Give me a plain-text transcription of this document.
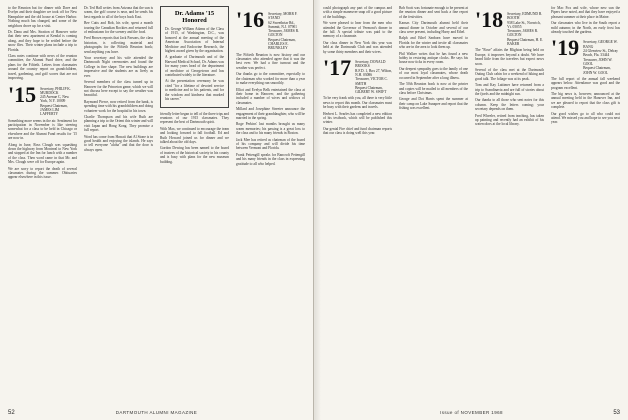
to the Reunion but for dinner with Dave and Evelyn and their daughter we took off for New Hampshire and the old house at Center Harbor. Nothing much has changed, and some of the neighbors drove up for a visit.

Dr. Dana and Mrs. Stratton of Hanover write that their new apartment at Kendal is coming along, and they hope to be settled before the snow flies. Their winter plans include a trip to Florida.

Class notes continue with news of the reunion committee, the Alumni Fund drive, and the plans for the Fiftieth. Letters from classmates around the country report on grandchildren, travel, gardening, and golf scores that are not improving.

'15 Secretary, PHILIP K. MURDOCK
245 Avenue C, New York, N.Y. 10009
Bequest Chairman, JAMES LIM LAFFERTY

Something more seems in the air. Sentiment for participation in November is like steering somewhat for a class to be held in Chicago or elsewhere and the Alumni Fund results for '15 are now in.

Along in June, Ross Clough was squashing down the highway from Montreal to New York and stopped at the Inn for lunch with a number of the class. Then word came in that Mr. and Mrs. Clough were off for Europe again.

We are sorry to report the death of several classmates during the summer. Obituaries appear elsewhere in this issue.

Dr. Ted Hall writes from Arizona that the sun is warm, the golf course is near, and he sends his best regards to all of the boys back East.

Bee Cutts and Bob, his wife, spent a month touring the Canadian Rockies and returned full of enthusiasm for the scenery and the food.

Fred Brown reports that Jack Parsons, the class historian, is collecting material and photographs for the Fiftieth Reunion book; send anything you have.

Your secretary and his wife attended the Dartmouth Night ceremonies and found the College in fine shape. The new buildings are impressive and the students are as lively as ever.

Several members of the class turned up in Hanover for the Princeton game, which we will not discuss here except to say the weather was beautiful.

Raymond Pierce, now retired from the bank, is spending time with his grandchildren and doing volunteer work for the hospital in his town.

Charlie Thompson and his wife Ruth are planning a trip to the Orient this winter and will visit Japan and Hong Kong. They promise a full report.

Word has come from Hawaii that Al Stone is in good health and enjoying the islands. He says to tell everyone "aloha" and that the door is always open.

Dr. Adams '15 Honored

Dr. George William Adams of the Class of 1915, of Washington, D.C., was honored at the annual meeting of the American Association of Internal Medicine and Endocrine Research, the highest award given by the organization.

A graduate of Dartmouth and of the Harvard Medical School, Dr. Adams was for many years head of the department of medicine at Georgetown and has contributed widely to the literature.

At the presentation ceremony he was cited "for a lifetime of devoted service to medicine and to his patients, and for the wisdom and kindness that marked his career."

friendly letter began to tell of the three trips and reunions of our 1915 classmates. They represent the best of Dartmouth spirit.

With Max, we continued to encourage the team and looking forward to fall football. Ed and Ruth Howard joined us for dinner and we talked about the old days.

Gordon Dewing has been named to the board of trustees of the historical society in his county and is busy with plans for the new museum building.

'16 Secretary, MORR F. STAND
62 Sweetbriar Rd., Summit, N.J. 07901
Treasurer, JAMES R. GOLTON
Bequest Chairman, CHARLES E. BRUNKLEY

The Fiftieth Reunion is now history and our classmates who attended agree that it was the best ever. We had a fine turnout and the weather was perfect.

Our thanks go to the committee, especially to the chairman who worked for more than a year to make everything run smoothly.

Elliot and Evelyn Belk entertained the class at their home in Hanover, and the gathering included a number of wives and widows of classmates.

Millard and Josephine Streeter announce the engagement of their granddaughter, who will be married in the spring.

Roge Perkins' last months brought us many warm memories; his passing is a great loss to the class and to his many friends in Boston.

Jack Mee has retired as chairman of the board of his company and will divide his time between Vermont and Florida.

Frank Pettengill speaks for Bancroft Pettengill and his many friends in the class in expressing gratitude to all who helped.

DARTMOUTH ALUMNI MAGAZINE
52

could photograph any part of the campus and with a simple maneuver snap off a good picture of the buildings.

We were pleased to hear from the men who attended the Governor of Vermont's dinner in the fall. A special tribute was paid to the memory of a classmate.

Our class dinner in New York this year was held at the Dartmouth Club and was attended by some thirty members and their wives.

'17 Secretary, DONALD BROOKS
R.F.D. 1, Box 27, Wilton, N.H. 03086
Treasurer, VICTOR C. SMITH
Bequest Chairman, GILBERT W. SWIFT

To be very frank with you, all there is very little news to report this month. Our classmates must be busy with their gardens and travels.

Herbert L. Searles has completed a new edition of his textbook, which will be published this winter.

Our genial Fire chief and fund chairman reports that our class is doing well this year.

Bob Scott was fortunate enough to be present at the reunion dinner and sent back a fine report of the festivities.

Kansas City Dartmouth alumni held their annual dinner in October and several of our class were present, including Harry and Ethel.

Ralph and Ethel Sanborn have moved to Florida for the winter and invite all classmates who are in the area to look them up.

Phil Walker writes that he has found a new hobby in restoring antique clocks. He says his house now ticks in every room.

Our deepest sympathy goes to the family of one of our most loyal classmates, whose death occurred in September after a long illness.

The 50th Reunion book is now at the printer and copies will be mailed to all members of the class before Christmas.

George and Dot Harris spent the summer at their camp on Lake Sunapee and report that the fishing was excellent.

'18 Secretary, EDMUND B. BOOTH
938 Lake St., Norwich, Vt. 05055
Treasurer, JAMES R. GOLTON
Bequest Chairman, H. E. BAKER

The "Rose" affairs the Blighton being held on Europe, it improves beyond a doubt. We have heard little from the travelers but expect news soon.

Several of the class met at the Dartmouth Outing Club cabin for a weekend of hiking and good talk. The foliage was at its peak.

Tom and Kay Lattimer have returned from a trip to Scandinavia and are full of stories about the fjords and the midnight sun.

Our thanks to all those who sent notes for this column. Keep the letters coming; your secretary depends on them.

Fred Wheeler, retired from teaching, has taken up painting and recently had an exhibit of his watercolors at the local library.

for Mac Fox and wife, whose new sun the Pipers have noted, and that they have enjoyed a pleasant summer at their place in Maine.

Our classmates who live in the South report a mild autumn; in the North, an early frost has already touched the gardens.

'19 Secretary, GEORGE W. BANG
24 Glenview St., Delray Beach, Fla. 33444
Treasurer, JOHN W. GOOL
Bequest Chairman, JOHN W. GOOL

The full report of the annual fall weekend appears below. Attendance was good and the program excellent.

The big news is, however, announced at the annual meeting held in the Hanover Inn, and we are pleased to report that the class gift is complete.

Our good wishes go to all who could not attend. We missed you and hope to see you next year.

Issue of NOVEMBER 1968	53
